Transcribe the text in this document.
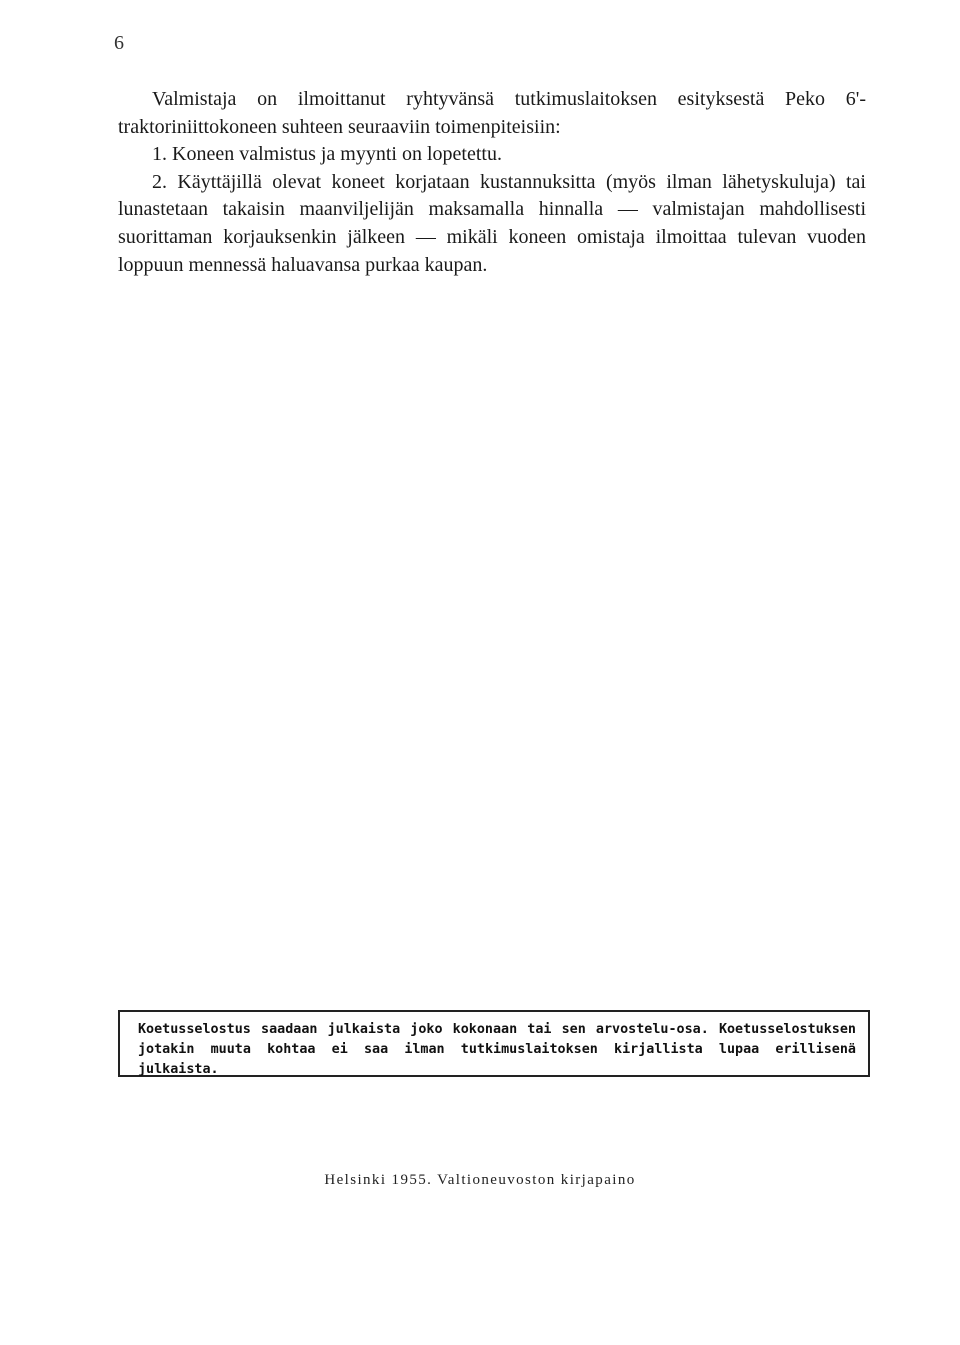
6

Valmistaja on ilmoittanut ryhtyvänsä tutkimuslaitoksen esityksestä Peko 6'-traktoriniittokoneen suhteen seuraaviin toimenpiteisiin:

1. Koneen valmistus ja myynti on lopetettu.

2. Käyttäjillä olevat koneet korjataan kustannuksitta (myös ilman lähetyskuluja) tai lunastetaan takaisin maanviljelijän maksamalla hinnalla — valmistajan mahdollisesti suorittaman korjauksenkin jälkeen — mikäli koneen omistaja ilmoittaa tulevan vuoden loppuun mennessä haluavansa purkaa kaupan.

Koetusselostus saadaan julkaista joko kokonaan tai sen arvostelu-osa. Koetusselostuksen jotakin muuta kohtaa ei saa ilman tutkimuslaitoksen kirjallista lupaa erillisenä julkaista.
Helsinki 1955. Valtioneuvoston kirjapaino
